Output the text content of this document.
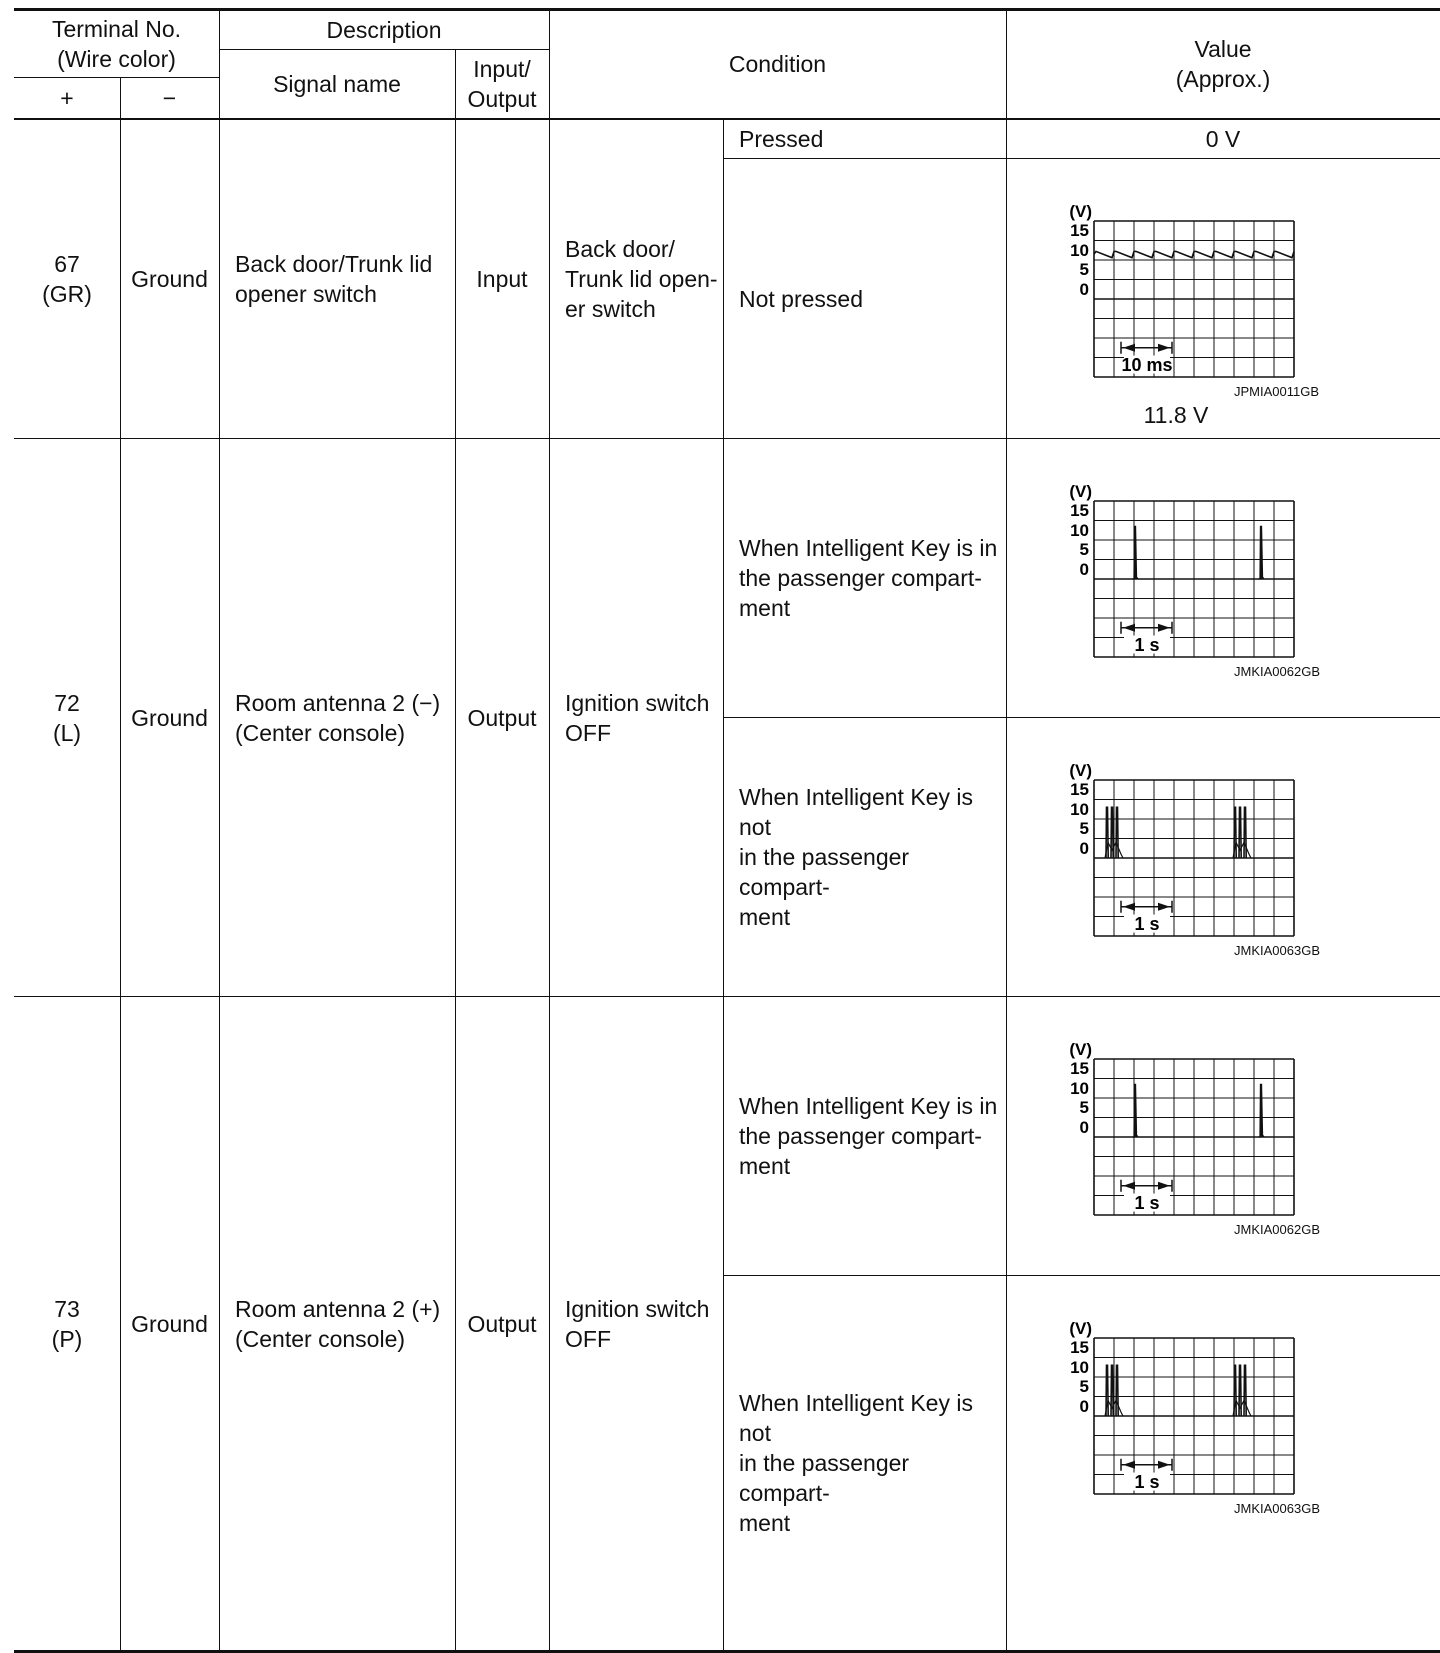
Terminal No.
(Wire color)
+	−
Description
Signal name
Input/
Output
Condition
Value
(Approx.)
67
(GR)
Ground
Back door/Trunk lid
opener switch
Input
Back door/
Trunk lid open-
er switch
Pressed	0 V
Not pressed
72
(L)
Ground
Room antenna 2 (−)
(Center console)
Output
Ignition switch
OFF
When Intelligent Key is in
the passenger compart-
ment
When Intelligent Key is not
in the passenger compart-
ment
73
(P)
Ground
Room antenna 2 (+)
(Center console)
Output
Ignition switch
OFF
When Intelligent Key is in
the passenger compart-
ment
When Intelligent Key is not
in the passenger compart-
ment
(V)
15
10
5
0
10 ms
JPMIA0011GB
11.8 V
(V)
15
10
5
0
1 s
JMKIA0062GB
(V)
15
10
5
0
1 s
JMKIA0063GB
(V)
15
10
5
0
1 s
JMKIA0062GB
(V)
15
10
5
0
1 s
JMKIA0063GB
